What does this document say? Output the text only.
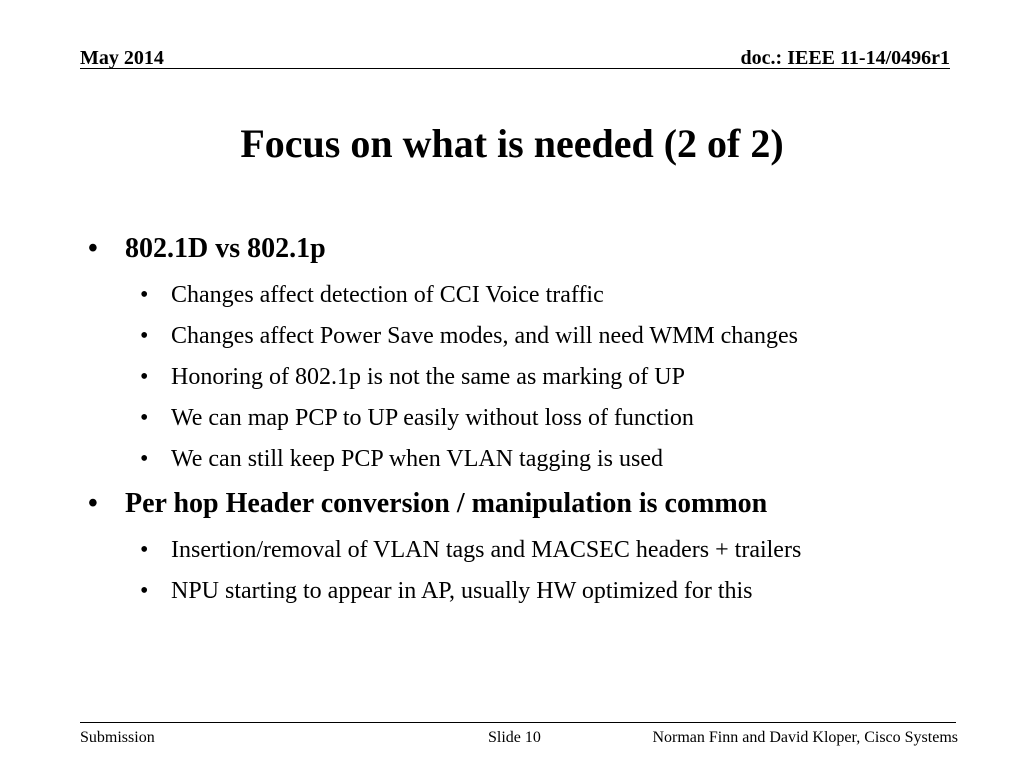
May 2014	doc.: IEEE 11-14/0496r1
Focus on what is needed (2 of 2)
• 802.1D vs 802.1p
• Changes affect detection of CCI Voice traffic
• Changes affect Power Save modes, and will need WMM changes
• Honoring of 802.1p is not the same as marking of UP
• We can map PCP to UP easily without loss of function
• We can still keep PCP when VLAN tagging is used
• Per hop Header conversion / manipulation is common
• Insertion/removal of VLAN tags and MACSEC headers + trailers
• NPU starting to appear in AP, usually HW optimized for this
Submission	Slide 10	Norman Finn and David Kloper, Cisco Systems
